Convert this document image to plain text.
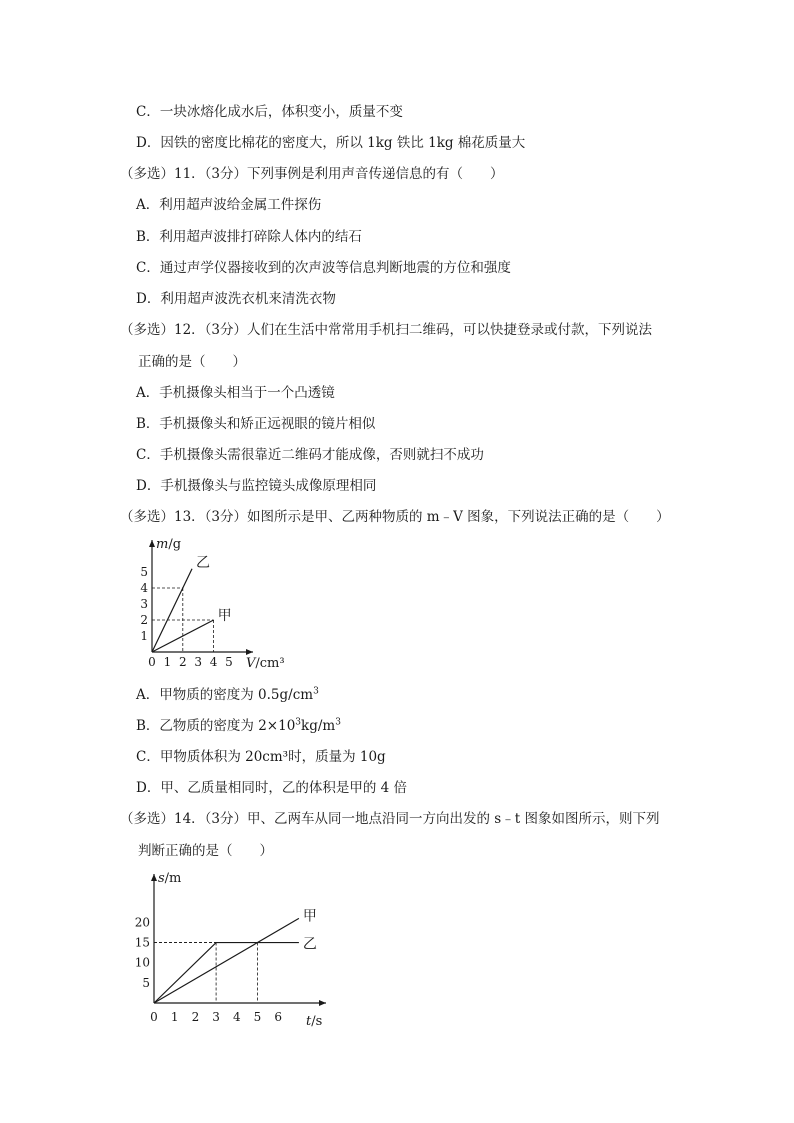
C．一块冰熔化成水后，体积变小，质量不变
D．因铁的密度比棉花的密度大，所以 1kg 铁比 1kg 棉花质量大
（多选）11．（3分）下列事例是利用声音传递信息的有（　　）
A．利用超声波给金属工件探伤
B．利用超声波排打碎除人体内的结石
C．通过声学仪器接收到的次声波等信息判断地震的方位和强度
D．利用超声波洗衣机来清洗衣物
（多选）12．（3分）人们在生活中常常用手机扫二维码，可以快捷登录或付款，下列说法
正确的是（　　）
A．手机摄像头相当于一个凸透镜
B．手机摄像头和矫正远视眼的镜片相似
C．手机摄像头需很靠近二维码才能成像，否则就扫不成功
D．手机摄像头与监控镜头成像原理相同
（多选）13．（3分）如图所示是甲、乙两种物质的 m﹣V 图象，下列说法正确的是（　　）
A．甲物质的密度为 $0.5g/cm^3$
B．乙物质的密度为 $2\times 10^3kg/m^3$
C．甲物质体积为 20cm³时，质量为 10g
D．甲、乙质量相同时，乙的体积是甲的 4 倍
（多选）14．（3分）甲、乙两车从同一地点沿同一方向出发的 s﹣t 图象如图所示，则下列
判断正确的是（　　）
0 1 2 3 4 5
1
2
3
4
5
m/g
V/cm³
乙
甲
0 1 2 3 4 5 6
5
10
15
20
s/m
t/s
甲
乙
